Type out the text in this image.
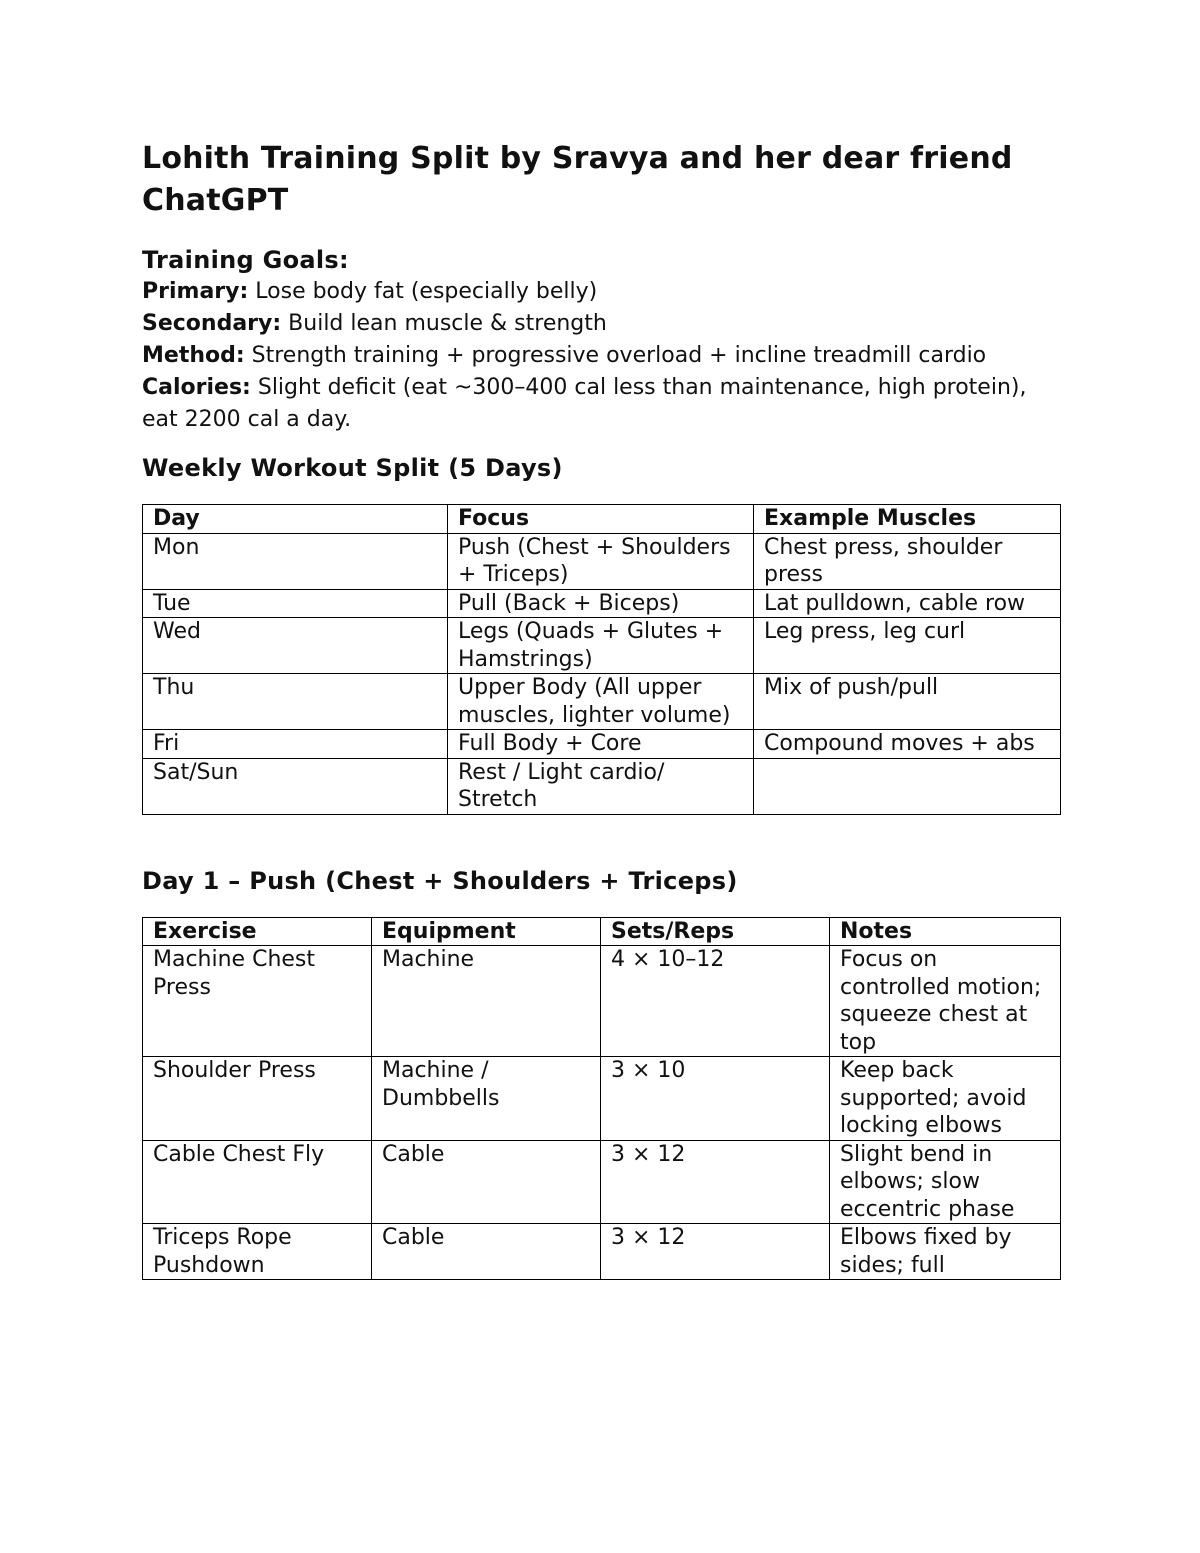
Lohith Training Split by Sravya and her dear friend ChatGPT
Training Goals:

Primary: Lose body fat (especially belly)

Secondary: Build lean muscle & strength

Method: Strength training + progressive overload + incline treadmill cardio

Calories: Slight deficit (eat ~300–400 cal less than maintenance, high protein), eat 2200 cal a day.

Weekly Workout Split (5 Days)
Day	Focus	Example Muscles
Mon	Push (Chest + Shoulders + Triceps)	Chest press, shoulder press
Tue	Pull (Back + Biceps)	Lat pulldown, cable row
Wed	Legs (Quads + Glutes + Hamstrings)	Leg press, leg curl
Thu	Upper Body (All upper muscles, lighter volume)	Mix of push/pull
Fri	Full Body + Core	Compound moves + abs
Sat/Sun	Rest / Light cardio/ Stretch	
Day 1 – Push (Chest + Shoulders + Triceps)
Exercise	Equipment	Sets/Reps	Notes
Machine Chest Press	Machine	4 × 10–12	Focus on controlled motion; squeeze chest at top
Shoulder Press	Machine / Dumbbells	3 × 10	Keep back supported; avoid locking elbows
Cable Chest Fly	Cable	3 × 12	Slight bend in elbows; slow eccentric phase
Triceps Rope Pushdown	Cable	3 × 12	Elbows fixed by sides; full
